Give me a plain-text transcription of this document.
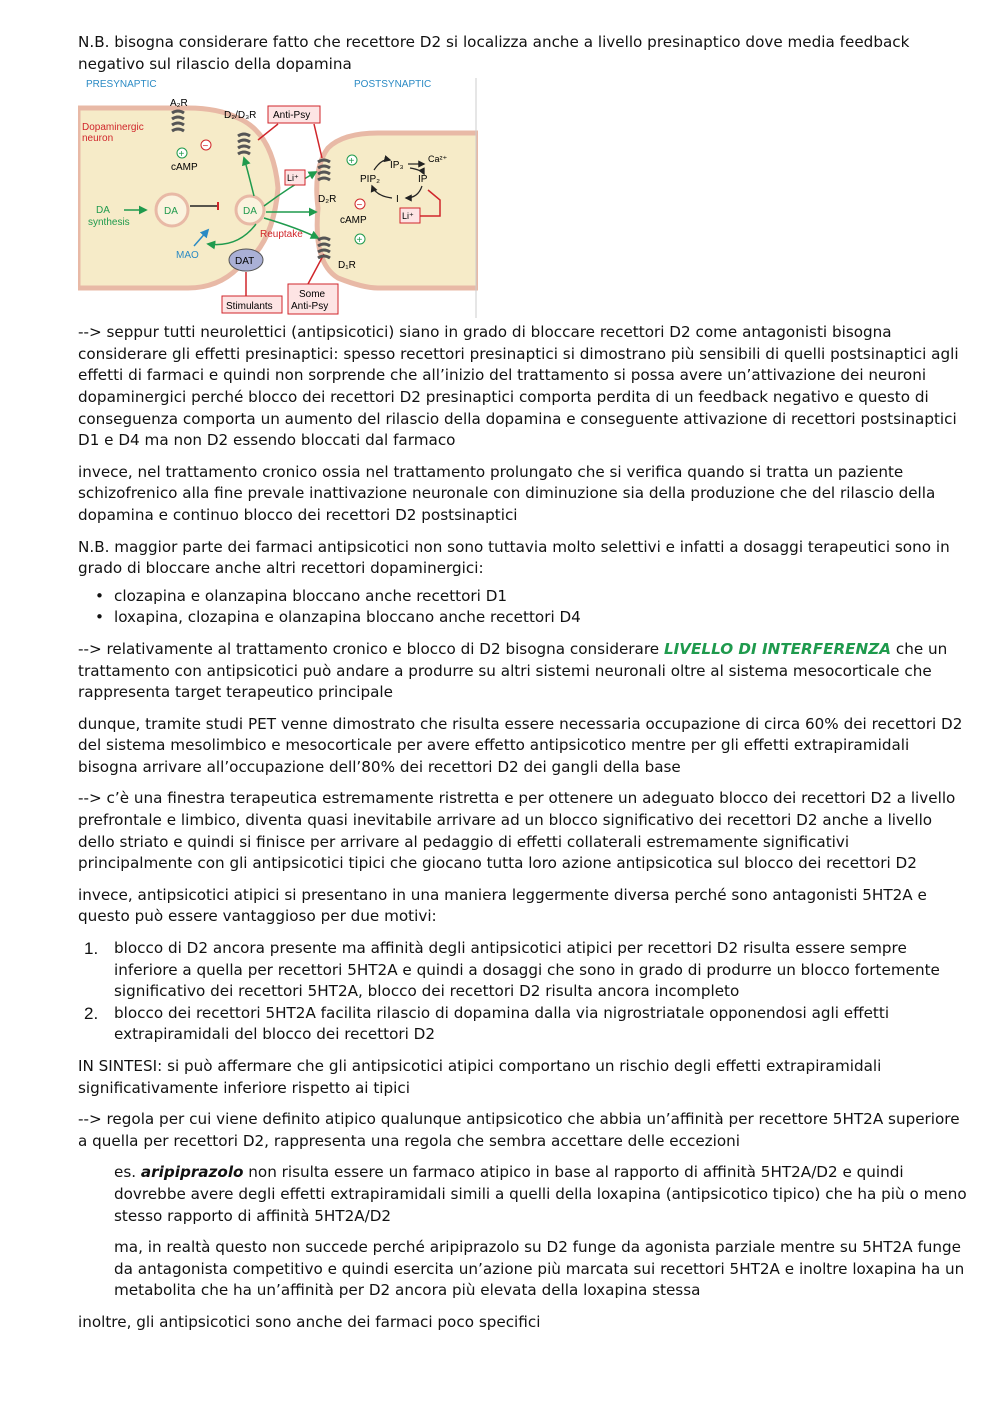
N.B. bisogna considerare fatto che recettore D2 si localizza anche a livello presinaptico dove media feedback negativo sul rilascio della dopamina

PRESYNAPTIC	POSTSYNAPTIC
A₂R
D₂/D₃R Anti-Psy
Dopaminergic
neuron
+
−
cAMP
DA
synthesis
DA	DA
Li⁺
Reuptake
MAO
DAT
Stimulants
Some
Anti-Psy
D₂R
D₁R
+
−
cAMP
+
PIP₂
IP₃
Ca²⁺
IP
I
Li⁺

--> seppur tutti neurolettici (antipsicotici) siano in grado di bloccare recettori D2 come antagonisti bisogna considerare gli effetti presinaptici: spesso recettori presinaptici si dimostrano più sensibili di quelli postsinaptici agli effetti di farmaci e quindi non sorprende che all’inizio del trattamento si possa avere un’attivazione dei neuroni dopaminergici perché blocco dei recettori D2 presinaptici comporta perdita di un feedback negativo e questo di conseguenza comporta un aumento del rilascio della dopamina e conseguente attivazione di recettori postsinaptici D1 e D4 ma non D2 essendo bloccati dal farmaco

invece, nel trattamento cronico ossia nel trattamento prolungato che si verifica quando si tratta un paziente schizofrenico alla fine prevale inattivazione neuronale con diminuzione sia della produzione che del rilascio della dopamina e continuo blocco dei recettori D2 postsinaptici

N.B. maggior parte dei farmaci antipsicotici non sono tuttavia molto selettivi e infatti a dosaggi terapeutici sono in grado di bloccare anche altri recettori dopaminergici:

• clozapina e olanzapina bloccano anche recettori D1
• loxapina, clozapina e olanzapina bloccano anche recettori D4

--> relativamente al trattamento cronico e blocco di D2 bisogna considerare LIVELLO DI INTERFERENZA che un trattamento con antipsicotici può andare a produrre su altri sistemi neuronali oltre al sistema mesocorticale che rappresenta target terapeutico principale

dunque, tramite studi PET venne dimostrato che risulta essere necessaria occupazione di circa 60% dei recettori D2 del sistema mesolimbico e mesocorticale per avere effetto antipsicotico mentre per gli effetti extrapiramidali bisogna arrivare all’occupazione dell’80% dei recettori D2 dei gangli della base

--> c’è una finestra terapeutica estremamente ristretta e per ottenere un adeguato blocco dei recettori D2 a livello prefrontale e limbico, diventa quasi inevitabile arrivare ad un blocco significativo dei recettori D2 anche a livello dello striato e quindi si finisce per arrivare al pedaggio di effetti collaterali estremamente significativi principalmente con gli antipsicotici tipici che giocano tutta loro azione antipsicotica sul blocco dei recettori D2

invece, antipsicotici atipici si presentano in una maniera leggermente diversa perché sono antagonisti 5HT2A e questo può essere vantaggioso per due motivi:

1. blocco di D2 ancora presente ma affinità degli antipsicotici atipici per recettori D2 risulta essere sempre inferiore a quella per recettori 5HT2A e quindi a dosaggi che sono in grado di produrre un blocco fortemente significativo dei recettori 5HT2A, blocco dei recettori D2 risulta ancora incompleto
2. blocco dei recettori 5HT2A facilita rilascio di dopamina dalla via nigrostriatale opponendosi agli effetti extrapiramidali del blocco dei recettori D2

IN SINTESI: si può affermare che gli antipsicotici atipici comportano un rischio degli effetti extrapiramidali significativamente inferiore rispetto ai tipici

--> regola per cui viene definito atipico qualunque antipsicotico che abbia un’affinità per recettore 5HT2A superiore a quella per recettori D2, rappresenta una regola che sembra accettare delle eccezioni

es. aripiprazolo non risulta essere un farmaco atipico in base al rapporto di affinità 5HT2A/D2 e quindi dovrebbe avere degli effetti extrapiramidali simili a quelli della loxapina (antipsicotico tipico) che ha più o meno stesso rapporto di affinità 5HT2A/D2

ma, in realtà questo non succede perché aripiprazolo su D2 funge da agonista parziale mentre su 5HT2A funge da antagonista competitivo e quindi esercita un’azione più marcata sui recettori 5HT2A e inoltre loxapina ha un metabolita che ha un’affinità per D2 ancora più elevata della loxapina stessa

inoltre, gli antipsicotici sono anche dei farmaci poco specifici
